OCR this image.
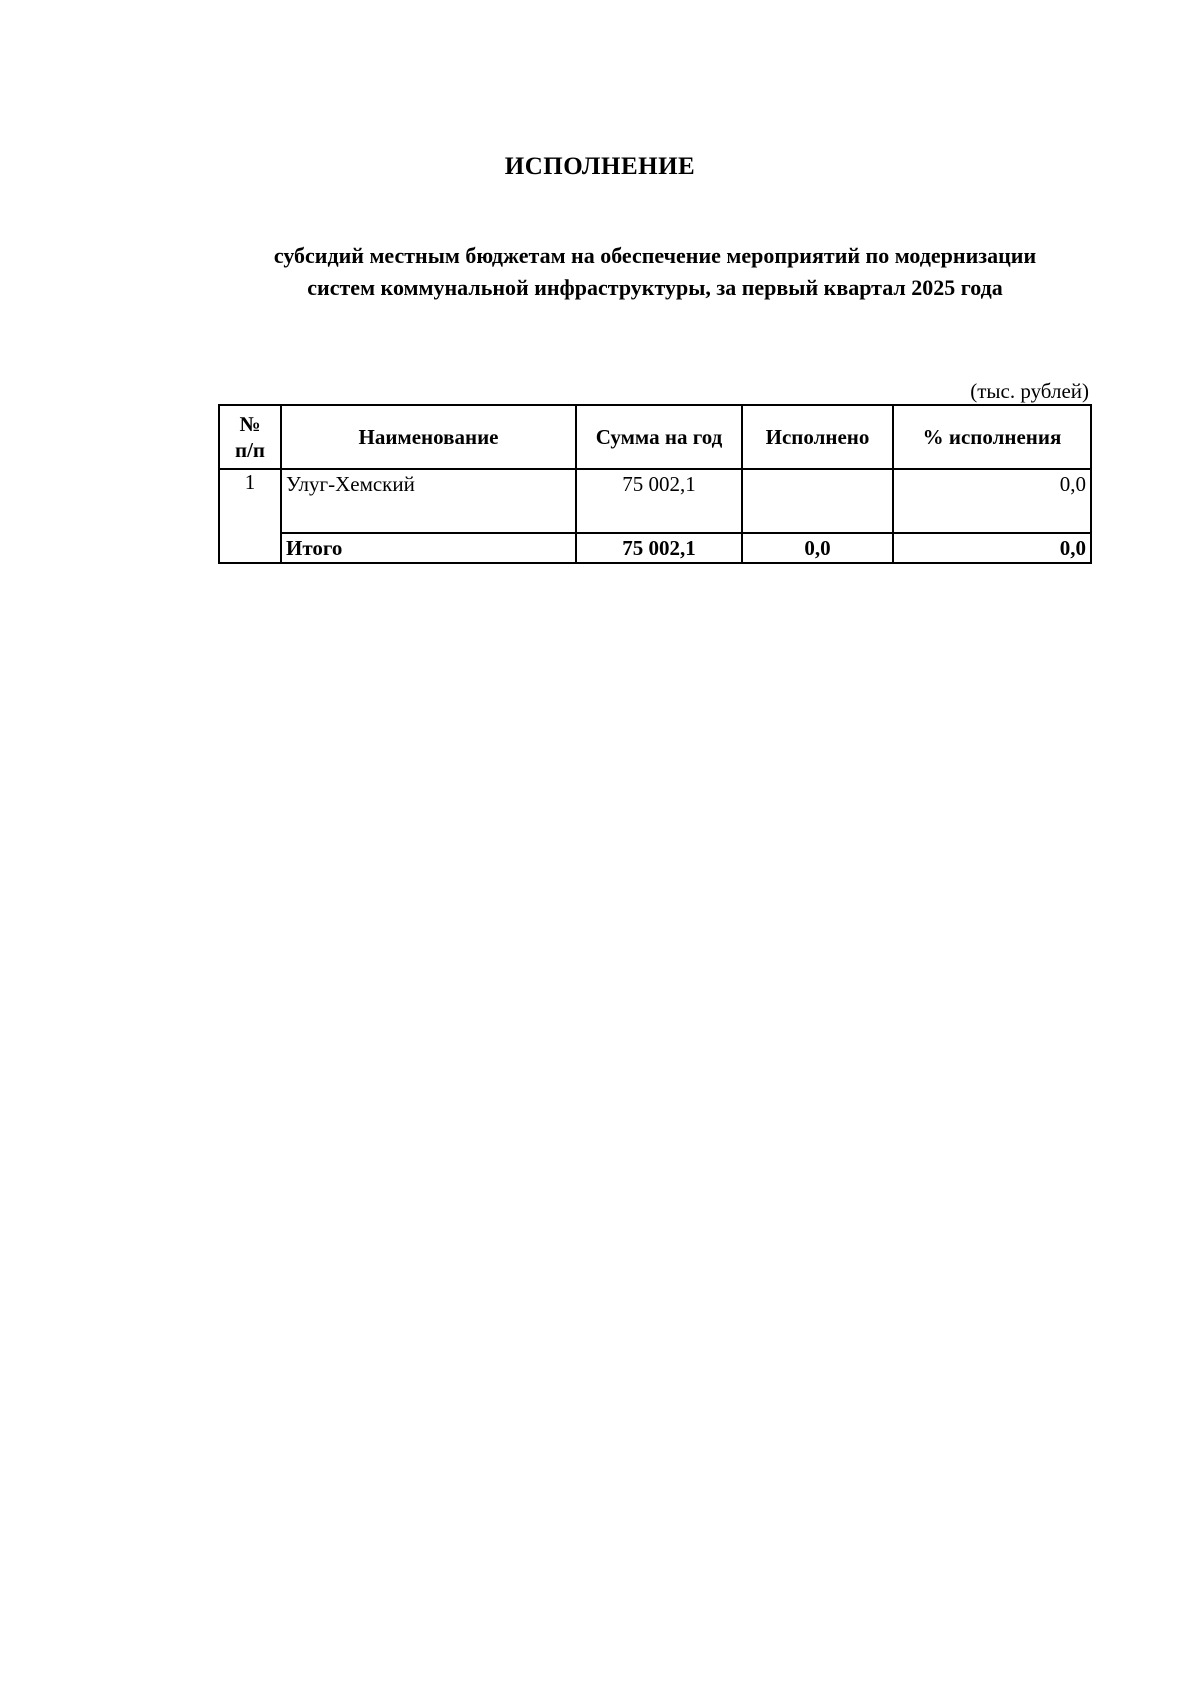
ИСПОЛНЕНИЕ
субсидий местным бюджетам на обеспечение мероприятий по модернизации
систем коммунальной инфраструктуры, за первый квартал 2025 года
(тыс. рублей)
№
п/п	Наименование	Сумма на год	Исполнено	% исполнения
1	Улуг-Хемский	75 002,1		0,0
	Итого	75 002,1	0,0	0,0
